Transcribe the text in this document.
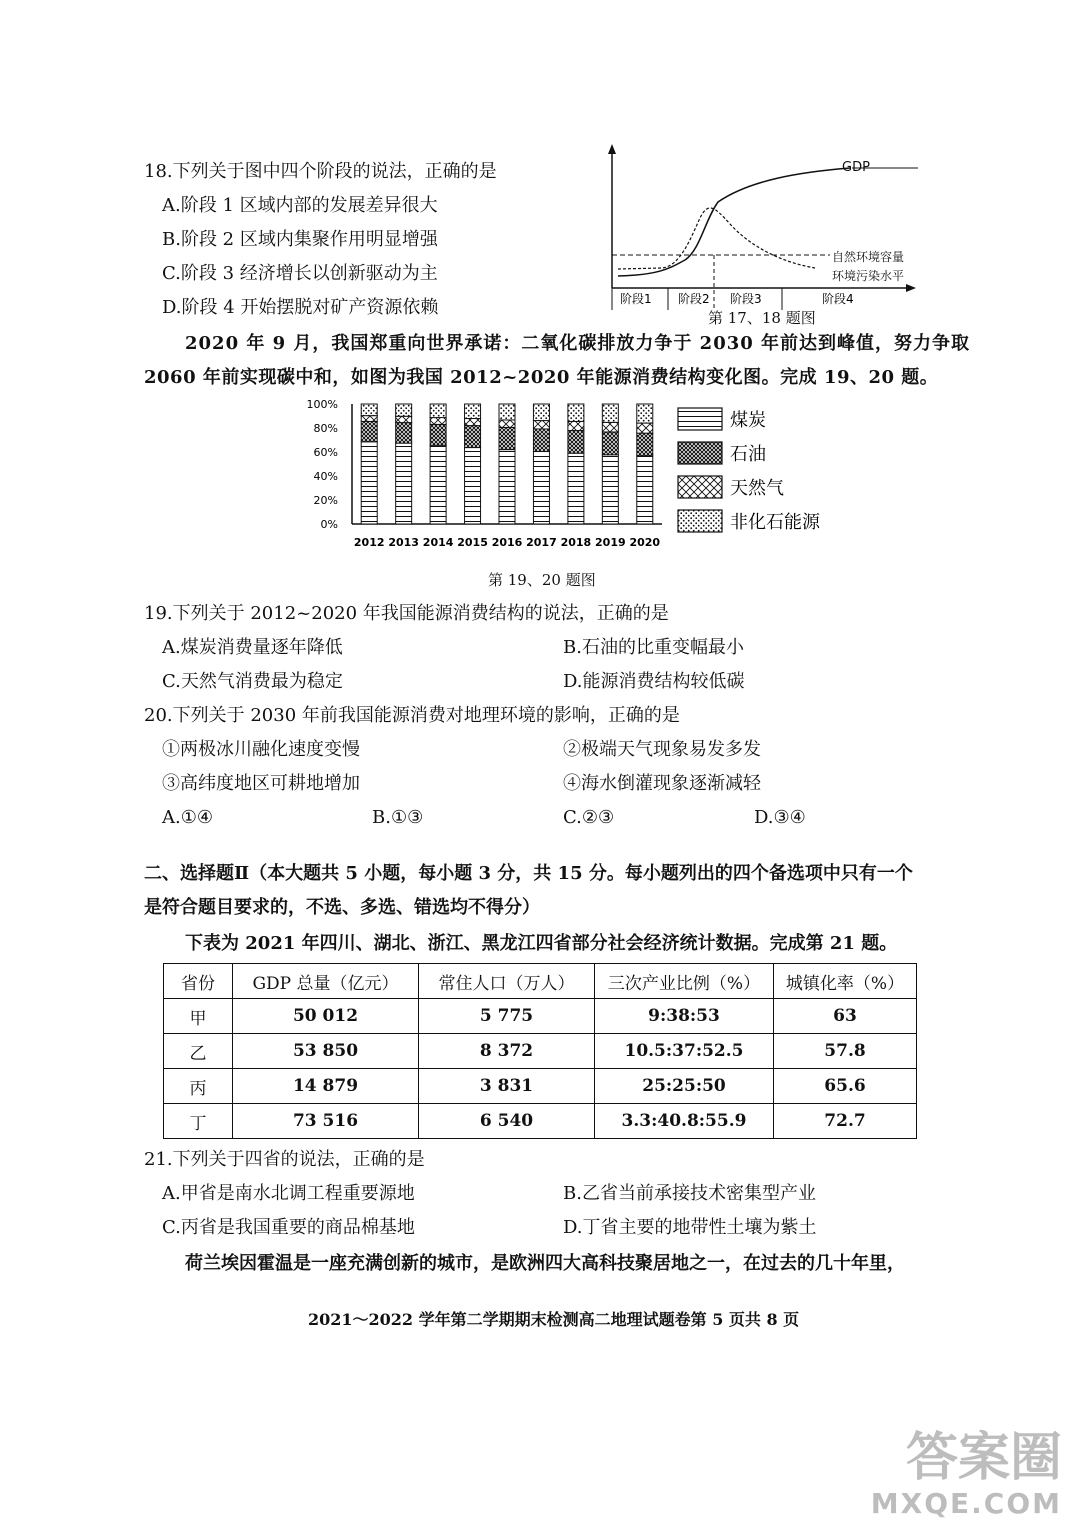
18.下列关于图中四个阶段的说法，正确的是
A.阶段 1 区域内部的发展差异很大
B.阶段 2 区域内集聚作用明显增强
C.阶段 3 经济增长以创新驱动为主
D.阶段 4 开始摆脱对矿产资源依赖	阶段1 阶段2 阶段3	阶段4
GDP
自然环境容量
环境污染水平
第 17、18 题图
2020 年 9 月，我国郑重向世界承诺：二氧化碳排放力争于 2030 年前达到峰值，努力争取
2060 年前实现碳中和，如图为我国 2012~2020 年能源消费结构变化图。完成 19、20 题。
100%
80%
60%
40%
20%
0%
2012 2013 2014 2015 2016 2017 2018 2019 2020
煤炭
石油
天然气
非化石能源
第 19、20 题图
19.下列关于 2012~2020 年我国能源消费结构的说法，正确的是
A.煤炭消费量逐年降低	B.石油的比重变幅最小
C.天然气消费最为稳定	D.能源消费结构较低碳
20.下列关于 2030 年前我国能源消费对地理环境的影响，正确的是
①两极冰川融化速度变慢	②极端天气现象易发多发
③高纬度地区可耕地增加	④海水倒灌现象逐渐减轻
A.①④	B.①③	C.②③	D.③④
二、选择题Ⅱ（本大题共 5 小题，每小题 3 分，共 15 分。每小题列出的四个备选项中只有一个
是符合题目要求的，不选、多选、错选均不得分）
下表为 2021 年四川、湖北、浙江、黑龙江四省部分社会经济统计数据。完成第 21 题。
省份	GDP 总量（亿元）	常住人口（万人）	三次产业比例（%）	城镇化率（%）
甲	50 012	5 775	9:38:53	63
乙	53 850	8 372	10.5:37:52.5	57.8
丙	14 879	3 831	25:25:50	65.6
丁	73 516	6 540	3.3:40.8:55.9	72.7
21.下列关于四省的说法，正确的是
A.甲省是南水北调工程重要源地	B.乙省当前承接技术密集型产业
C.丙省是我国重要的商品棉基地	D.丁省主要的地带性土壤为紫土
荷兰埃因霍温是一座充满创新的城市，是欧洲四大高科技聚居地之一，在过去的几十年里，
2021～2022 学年第二学期期末检测高二地理试题卷第 5 页共 8 页
答案圈
MXQE.COM
